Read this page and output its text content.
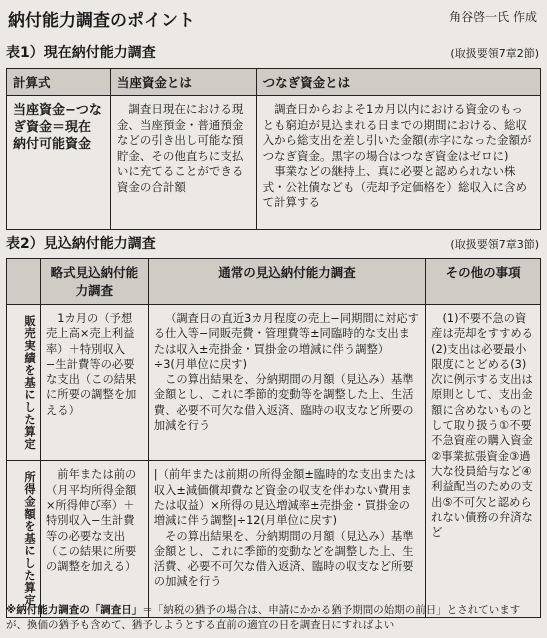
納付能力調査のポイント	角谷啓一氏 作成
表1）現在納付能力調査	(取扱要領7章2節)
計算式	当座資金とは	つなぎ資金とは
当座資金−つなぎ資金＝現在納付可能資金	調査日現在における現金、当座預金・普通預金などの引き出し可能な預貯金、その他直ちに支払いに充てることができる資金の合計額	調査日からおよそ1カ月以内における資金のもっとも窮迫が見込まれる日までの期間における、総収入から総支出を差し引いた金額(赤字になった金額がつなぎ資金。黒字の場合はつなぎ資金はゼロに)
事業などの継持上、真に必要と認められない株式・公社債なども（売却予定価格を）総収入に含めて計算する
表2）見込納付能力調査	(取扱要領7章3節)
	略式見込納付能力調査	通常の見込納付能力調査	その他の事項
販売実績を基にした算定	1カ月の（予想売上高×売上利益率）＋特別収入−生計費等の必要な支出（この結果に所要の調整を加える）	（調査日の直近3カ月程度の売上−同期間に対応する仕入等−同販売費・管理費等±同臨時的な支出または収入±売掛金・買掛金の増減に伴う調整）÷3(月単位に戻す)
この算出結果を、分納期間の月額（見込み）基準金額とし、これに季節的変動等を調整した上、生活費、必要不可欠な借入返済、臨時の収支など所要の加減を行う	(1)不要不急の資産は売却をすすめる(2)支出は必要最小限度にとどめる(3)次に例示する支出は原則として、支出金額に含めないものとして取り扱う①不要不急資産の購入資金②事業拡張資金③過大な役員給与など④利益配当のための支出⑤不可欠と認められない債務の弁済など
所得金額を基にした算定	前年または前の（月平均所得金額×所得伸び率）＋特別収入−生計費等の必要な支出（この結果に所要の調整を加える）	|（前年または前期の所得金額±臨時的な支出または収入±減価償却費など資金の収支を伴わない費用または収益）×所得の見込増減率±売掛金・買掛金の増減に伴う調整|÷12(月単位に戻す)
その算出結果を、分納期間の月額（見込み）基準金額とし、これに季節的変動などを調整した上、生活費、必要不可欠な借入返済、臨時の収支など所要の加減を行う	
※納付能力調査の「調査日」＝「納税の猶予の場合は、申請にかかる猶予期間の始期の前日」とされていますが、換価の猶予も含めて、猶予しようとする直前の適宜の日を調査日にすればよい
